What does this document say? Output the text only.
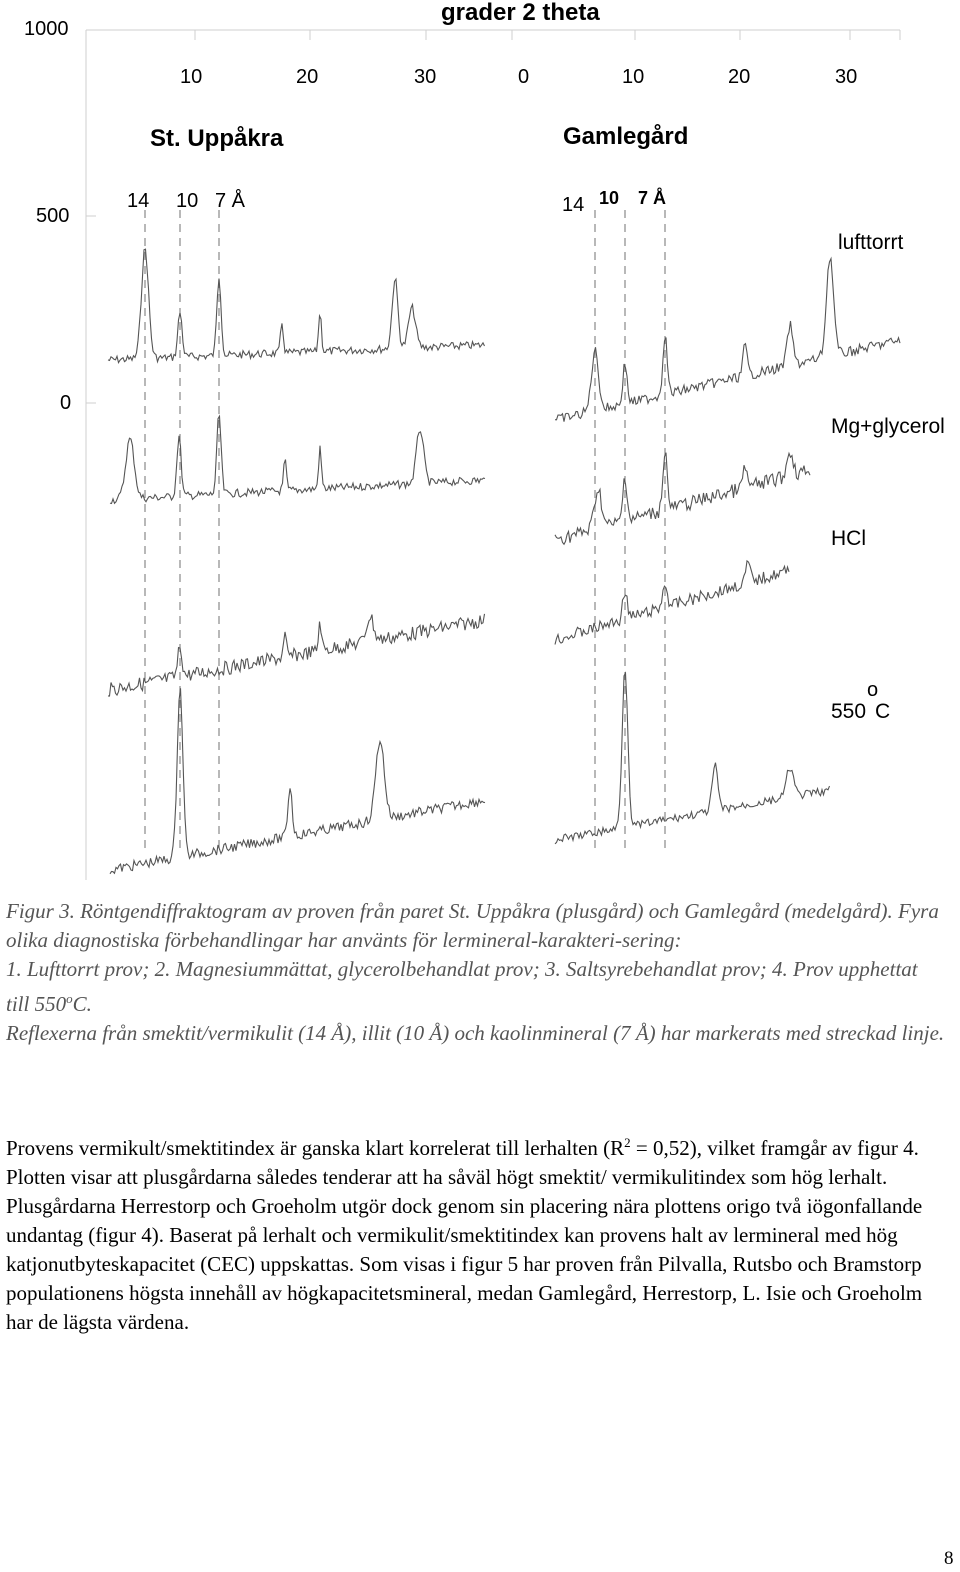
grader 2 theta
1000
500
0
10	20	30	0	10	20	30
St. Uppåkra	Gamlegård
14 10 7 Å	14 10 7 Å
lufttorrt
Mg+glycerol
HCl
o
550 C

Figur 3. Röntgendiffraktogram av proven från paret St. Uppåkra (plusgård) och Gamlegård (medelgård). Fyra olika diagnostiska förbehandlingar har använts för lermineral-karakteri-sering:

1. Lufttorrt prov; 2. Magnesiummättat, glycerolbehandlat prov; 3. Saltsyrebehandlat prov; 4. Prov upphettat till 550$^o$C.

Reflexerna från smektit/vermikulit (14 Å), illit (10 Å) och kaolinmineral (7 Å) har markerats med streckad linje.

Provens vermikult/smektitindex är ganska klart korrelerat till lerhalten $(R^2 = 0,52)$, vilket framgår av figur 4. Plotten visar att plusgårdarna således tenderar att ha såväl högt smektit/ vermikulitindex som hög lerhalt. Plusgårdarna Herrestorp och Groeholm utgör dock genom sin placering nära plottens origo två iögonfallande undantag (figur 4). Baserat på lerhalt och vermikulit/smektitindex kan provens halt av lermineral med hög katjonutbyteskapacitet (CEC) uppskattas. Som visas i figur 5 har proven från Pilvalla, Rutsbo och Bramstorp populationens högsta innehåll av högkapacitetsmineral, medan Gamlegård, Herrestorp, L. Isie och Groeholm har de lägsta värdena.

8
